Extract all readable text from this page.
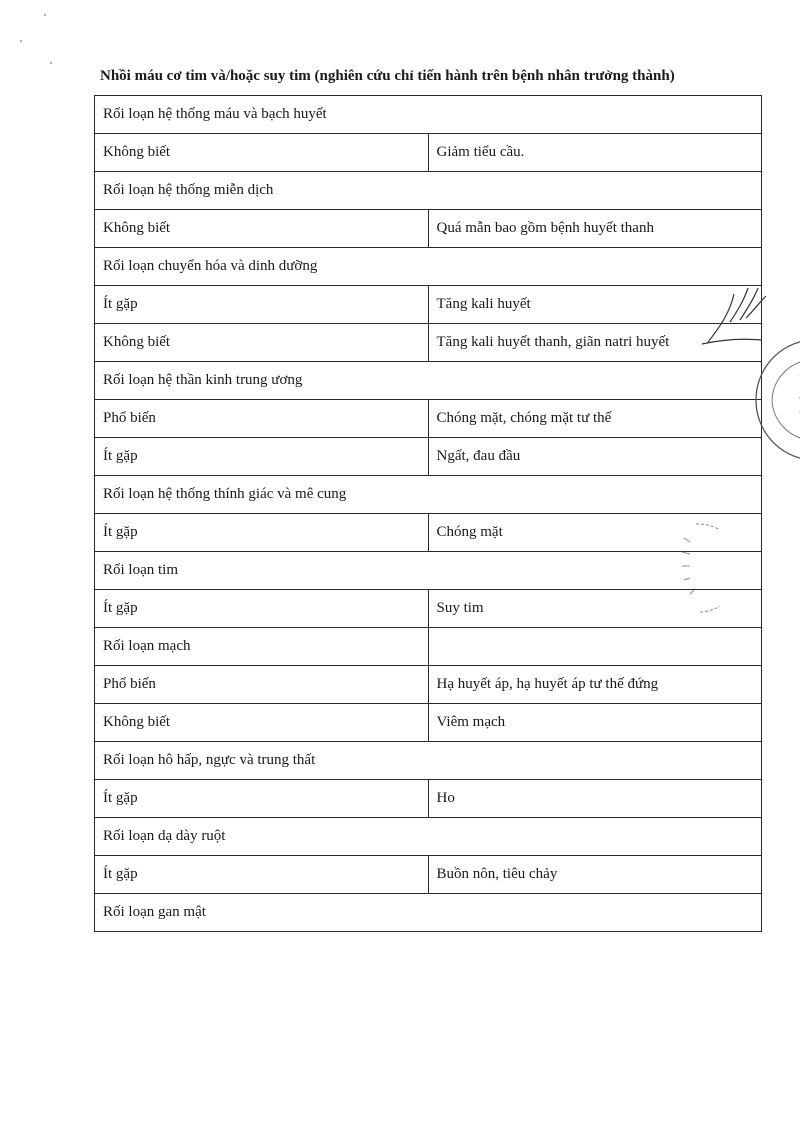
Nhồi máu cơ tim và/hoặc suy tim (nghiên cứu chỉ tiến hành trên bệnh nhân trưởng thành)
Rối loạn hệ thống máu và bạch huyết	
Không biết	Giảm tiểu cầu.
Rối loạn hệ thống miễn dịch	
Không biết	Quá mẫn bao gồm bệnh huyết thanh
Rối loạn chuyển hóa và dinh dưỡng	
Ít gặp	Tăng kali huyết
Không biết	Tăng kali huyết thanh, giãn natri huyết
Rối loạn hệ thần kinh trung ương	
Phổ biến	Chóng mặt, chóng mặt tư thế
Ít gặp	Ngất, đau đầu
Rối loạn hệ thống thính giác và mê cung	
Ít gặp	Chóng mặt
Rối loạn tim	
Ít gặp	Suy tim
Rối loạn mạch	
Phổ biến	Hạ huyết áp, hạ huyết áp tư thế đứng
Không biết	Viêm mạch
Rối loạn hô hấp, ngực và trung thất	
Ít gặp	Ho
Rối loạn dạ dày ruột	
Ít gặp	Buồn nôn, tiêu chảy
Rối loạn gan mật	
